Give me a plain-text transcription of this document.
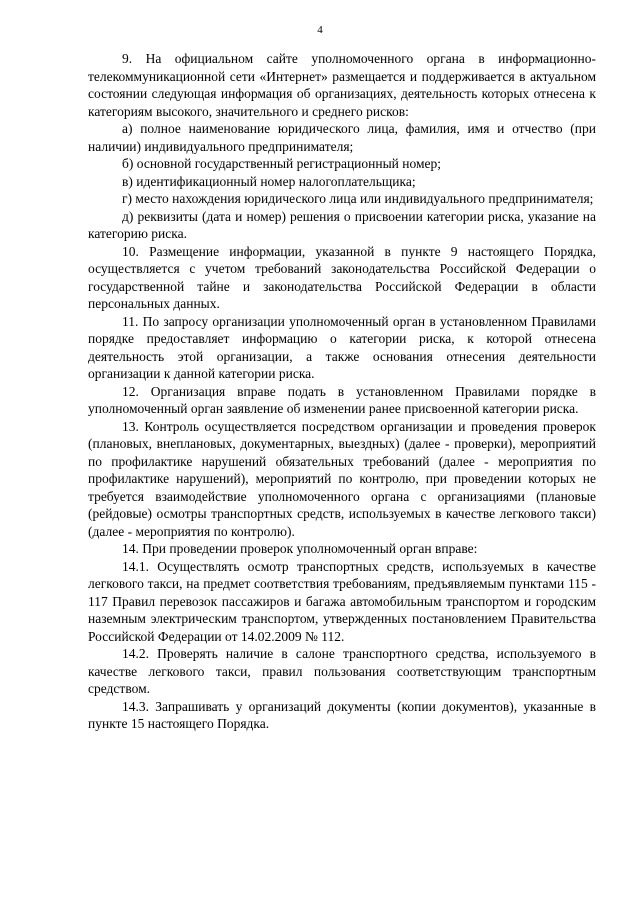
4

9. На официальном сайте уполномоченного органа в информационно-телекоммуникационной сети «Интернет» размещается и поддерживается в актуальном состоянии следующая информация об организациях, деятельность которых отнесена к категориям высокого, значительного и среднего рисков:

а) полное наименование юридического лица, фамилия, имя и отчество (при наличии) индивидуального предпринимателя;

б) основной государственный регистрационный номер;

в) идентификационный номер налогоплательщика;

г) место нахождения юридического лица или индивидуального предпринимателя;

д) реквизиты (дата и номер) решения о присвоении категории риска, указание на категорию риска.

10. Размещение информации, указанной в пункте 9 настоящего Порядка, осуществляется с учетом требований законодательства Российской Федерации о государственной тайне и законодательства Российской Федерации в области персональных данных.

11. По запросу организации уполномоченный орган в установленном Правилами порядке предоставляет информацию о категории риска, к которой отнесена деятельность этой организации, а также основания отнесения деятельности организации к данной категории риска.

12. Организация вправе подать в установленном Правилами порядке в уполномоченный орган заявление об изменении ранее присвоенной категории риска.

13. Контроль осуществляется посредством организации и проведения проверок (плановых, внеплановых, документарных, выездных) (далее - проверки), мероприятий по профилактике нарушений обязательных требований (далее - мероприятия по профилактике нарушений), мероприятий по контролю, при проведении которых не требуется взаимодействие уполномоченного органа с организациями (плановые (рейдовые) осмотры транспортных средств, используемых в качестве легкового такси) (далее - мероприятия по контролю).

14. При проведении проверок уполномоченный орган вправе:

14.1. Осуществлять осмотр транспортных средств, используемых в качестве легкового такси, на предмет соответствия требованиям, предъявляемым пунктами 115 - 117 Правил перевозок пассажиров и багажа автомобильным транспортом и городским наземным электрическим транспортом, утвержденных постановлением Правительства Российской Федерации от 14.02.2009 № 112.

14.2. Проверять наличие в салоне транспортного средства, используемого в качестве легкового такси, правил пользования соответствующим транспортным средством.

14.3. Запрашивать у организаций документы (копии документов), указанные в пункте 15 настоящего Порядка.
